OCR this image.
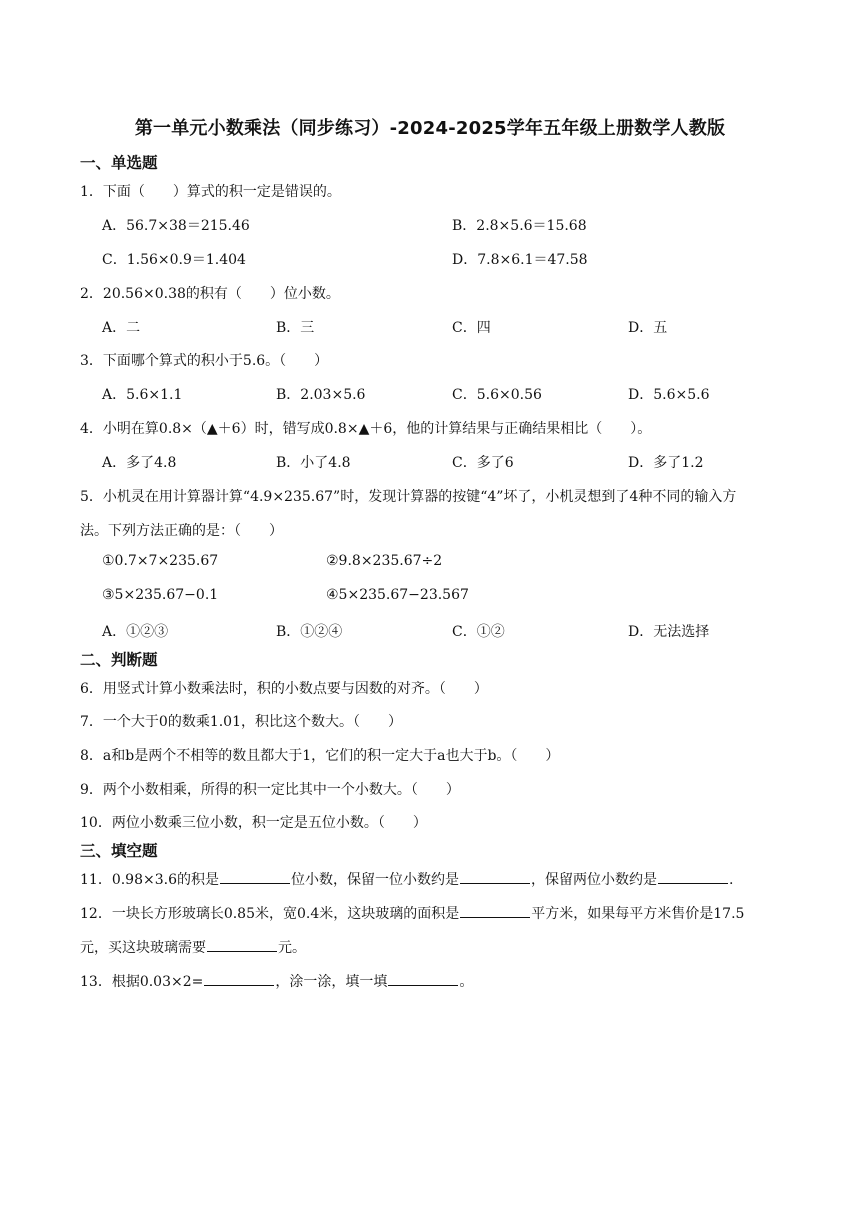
第一单元小数乘法（同步练习）-2024-2025学年五年级上册数学人教版
一、单选题
1．下面（　　）算式的积一定是错误的。
A．56.7×38＝215.46	B．2.8×5.6＝15.68
C．1.56×0.9＝1.404	D．7.8×6.1＝47.58
2．20.56×0.38的积有（　　）位小数。
A．二	B．三	C．四	D．五
3．下面哪个算式的积小于5.6。（　　）
A．5.6×1.1	B．2.03×5.6	C．5.6×0.56	D．5.6×5.6
4．小明在算0.8×（▲＋6）时，错写成0.8×▲＋6，他的计算结果与正确结果相比（　　）。
A．多了4.8	B．小了4.8	C．多了6	D．多了1.2
5．小机灵在用计算器计算“4.9×235.67”时，发现计算器的按键“4”坏了，小机灵想到了4种不同的输入方
法。下列方法正确的是：（　　）
①0.7×7×235.67	②9.8×235.67÷2
③5×235.67−0.1	④5×235.67−23.567
A．①②③	B．①②④	C．①②	D．无法选择
二、判断题
6．用竖式计算小数乘法时，积的小数点要与因数的对齐。（　　）
7．一个大于0的数乘1.01，积比这个数大。（　　）
8．a和b是两个不相等的数且都大于1，它们的积一定大于a也大于b。（　　）
9．两个小数相乘，所得的积一定比其中一个小数大。（　　）
10．两位小数乘三位小数，积一定是五位小数。（　　）
三、填空题
11．0.98×3.6的积是	位小数，保留一位小数约是	，保留两位小数约是	.
12．一块长方形玻璃长0.85米，宽0.4米，这块玻璃的面积是	平方米，如果每平方米售价是17.5
元，买这块玻璃需要	元。
13．根据0.03×2=	，涂一涂，填一填	。
